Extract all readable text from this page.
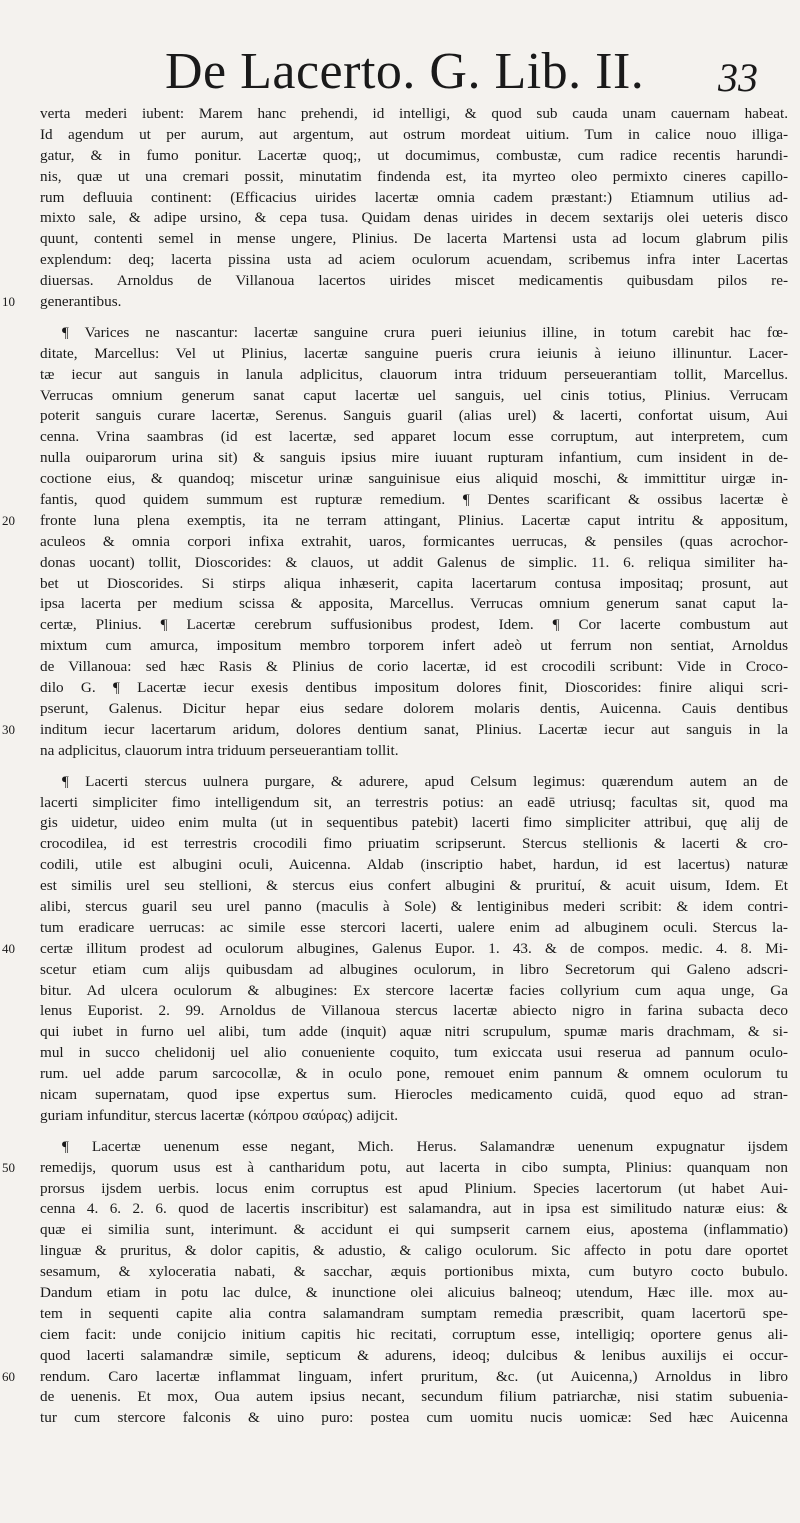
De Lacerto. G. Lib. II. 33
verta mederi iubent: Marem hanc prehendi, id intelligi, & quod sub cauda unam cauernam habeat.
Id agendum ut per aurum, aut argentum, aut ostrum mordeat uitium. Tum in calice nouo illiga-
gatur, & in fumo ponitur. Lacertæ quoq;, ut documimus, combustæ, cum radice recentis harundi-
nis, quæ ut una cremari possit, minutatim findenda est, ita myrteo oleo permixto cineres capillo-
rum defluuia continent: (Efficacius uirides lacertæ omnia cadem præstant:) Etiamnum utilius ad-
mixto sale, & adipe ursino, & cepa tusa. Quidam denas uirides in decem sextarijs olei ueteris disco
quunt, contenti semel in mense ungere, Plinius. De lacerta Martensi usta ad locum glabrum pilis
explendum: deq; lacerta pissina usta ad aciem oculorum acuendam, scribemus infra inter Lacertas
diuersas. Arnoldus de Villanoua lacertos uirides miscet medicamentis quibusdam pilos re-
generantibus.
10
¶ Varices ne nascantur: lacertæ sanguine crura pueri ieiunius illine, in totum carebit hac fœ-
ditate, Marcellus: Vel ut Plinius, lacertæ sanguine pueris crura ieiunis à ieiuno illinuntur. Lacer-
tæ iecur aut sanguis in lanula adplicitus, clauorum intra triduum perseuerantiam tollit, Marcellus.
Verrucas omnium generum sanat caput lacertæ uel sanguis, uel cinis totius, Plinius. Verrucam
poterit sanguis curare lacertæ, Serenus. Sanguis guaril (alias urel) & lacerti, confortat uisum, Aui
cenna. Vrina saambras (id est lacertæ, sed apparet locum esse corruptum, aut interpretem, cum
nulla ouiparorum urina sit) & sanguis ipsius mire iuuant rupturam infantium, cum insident in de-
coctione eius, & quandoq; miscetur urinæ sanguinisue eius aliquid moschi, & immittitur uirgæ in-
fantis, quod quidem summum est rupturæ remedium. ¶ Dentes scarificant & ossibus lacertæ è
fronte luna plena exemptis, ita ne terram attingant, Plinius. Lacertæ caput intritu & appositum,
20
aculeos & omnia corpori infixa extrahit, uaros, formicantes uerrucas, & pensiles (quas acrochor-
donas uocant) tollit, Dioscorides: & clauos, ut addit Galenus de simplic. 11. 6. reliqua similiter ha-
bet ut Dioscorides. Si stirps aliqua inhæserit, capita lacertarum contusa impositaq; prosunt, aut
ipsa lacerta per medium scissa & apposita, Marcellus. Verrucas omnium generum sanat caput la-
certæ, Plinius. ¶ Lacertæ cerebrum suffusionibus prodest, Idem. ¶ Cor lacerte combustum aut
mixtum cum amurca, impositum membro torporem infert adeò ut ferrum non sentiat, Arnoldus
de Villanoua: sed hæc Rasis & Plinius de corio lacertæ, id est crocodili scribunt: Vide in Croco-
dilo G. ¶ Lacertæ iecur exesis dentibus impositum dolores finit, Dioscorides: finire aliqui scri-
pserunt, Galenus. Dicitur hepar eius sedare dolorem molaris dentis, Auicenna. Cauis dentibus
inditum iecur lacertarum aridum, dolores dentium sanat, Plinius. Lacertæ iecur aut sanguis in la
30
na adplicitus, clauorum intra triduum perseuerantiam tollit.
¶ Lacerti stercus uulnera purgare, & adurere, apud Celsum legimus: quærendum autem an de
lacerti simpliciter fimo intelligendum sit, an terrestris potius: an eadē utriusq; facultas sit, quod ma
gis uidetur, uideo enim multa (ut in sequentibus patebit) lacerti fimo simpliciter attribui, quę alij de
crocodilea, id est terrestris crocodili fimo priuatim scripserunt. Stercus stellionis & lacerti & cro-
codili, utile est albugini oculi, Auicenna. Aldab (inscriptio habet, hardun, id est lacertus) naturæ
est similis urel seu stellioni, & stercus eius confert albugini & prurituí, & acuit uisum, Idem. Et
alibi, stercus guaril seu urel panno (maculis à Sole) & lentiginibus mederi scribit: & idem contri-
tum eradicare uerrucas: ac simile esse stercori lacerti, ualere enim ad albuginem oculi. Stercus la-
certæ illitum prodest ad oculorum albugines, Galenus Eupor. 1. 43. & de compos. medic. 4. 8. Mi-
40
scetur etiam cum alijs quibusdam ad albugines oculorum, in libro Secretorum qui Galeno adscri-
bitur. Ad ulcera oculorum & albugines: Ex stercore lacertæ facies collyrium cum aqua unge, Ga
lenus Euporist. 2. 99. Arnoldus de Villanoua stercus lacertæ abiecto nigro in farina subacta deco
qui iubet in furno uel alibi, tum adde (inquit) aquæ nitri scrupulum, spumæ maris drachmam, & si-
mul in succo chelidonij uel alio conueniente coquito, tum exiccata usui reserua ad pannum oculo-
rum. uel adde parum sarcocollæ, & in oculo pone, remouet enim pannum & omnem oculorum tu
nicam supernatam, quod ipse expertus sum. Hierocles medicamento cuidā, quod equo ad stran-
guriam infunditur, stercus lacertæ (κόπρου σαύρας) adijcit.
¶ Lacertæ uenenum esse negant, Mich. Herus. Salamandræ uenenum expugnatur ijsdem
remedijs, quorum usus est à cantharidum potu, aut lacerta in cibo sumpta, Plinius: quanquam non
50
prorsus ijsdem uerbis. locus enim corruptus est apud Plinium. Species lacertorum (ut habet Aui-
cenna 4. 6. 2. 6. quod de lacertis inscribitur) est salamandra, aut in ipsa est similitudo naturæ eius: &
quæ ei similia sunt, interimunt. & accidunt ei qui sumpserit carnem eius, apostema (inflammatio)
linguæ & pruritus, & dolor capitis, & adustio, & caligo oculorum. Sic affecto in potu dare oportet
sesamum, & xyloceratia nabati, & sacchar, æquis portionibus mixta, cum butyro cocto bubulo.
Dandum etiam in potu lac dulce, & inunctione olei alicuius balneoq; utendum, Hæc ille. mox au-
tem in sequenti capite alia contra salamandram sumptam remedia præscribit, quam lacertorū spe-
ciem facit: unde conijcio initium capitis hic recitati, corruptum esse, intelligiq; oportere genus ali-
quod lacerti salamandræ simile, septicum & adurens, ideoq; dulcibus & lenibus auxilijs ei occur-
rendum. Caro lacertæ inflammat linguam, infert pruritum, &c. (ut Auicenna,) Arnoldus in libro
60
de uenenis. Et mox, Oua autem ipsius necant, secundum filium patriarchæ, nisi statim subuenia-
tur cum stercore falconis & uino puro: postea cum uomitu nucis uomicæ: Sed hæc Auicenna
